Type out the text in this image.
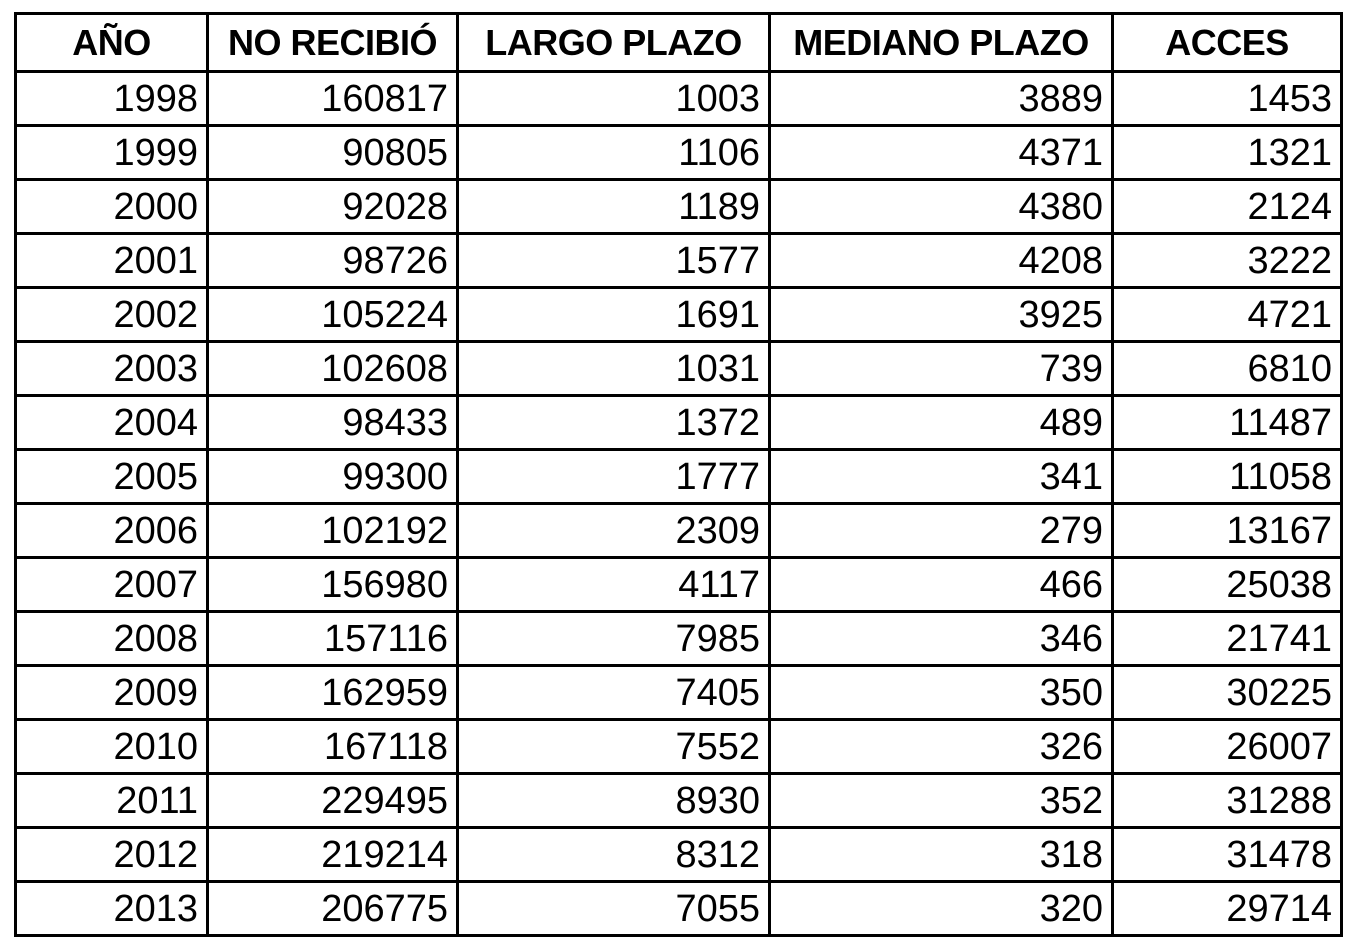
AÑO	NO RECIBIÓ	LARGO PLAZO	MEDIANO PLAZO	ACCES
1998	160817	1003	3889	1453
1999	90805	1106	4371	1321
2000	92028	1189	4380	2124
2001	98726	1577	4208	3222
2002	105224	1691	3925	4721
2003	102608	1031	739	6810
2004	98433	1372	489	11487
2005	99300	1777	341	11058
2006	102192	2309	279	13167
2007	156980	4117	466	25038
2008	157116	7985	346	21741
2009	162959	7405	350	30225
2010	167118	7552	326	26007
2011	229495	8930	352	31288
2012	219214	8312	318	31478
2013	206775	7055	320	29714
